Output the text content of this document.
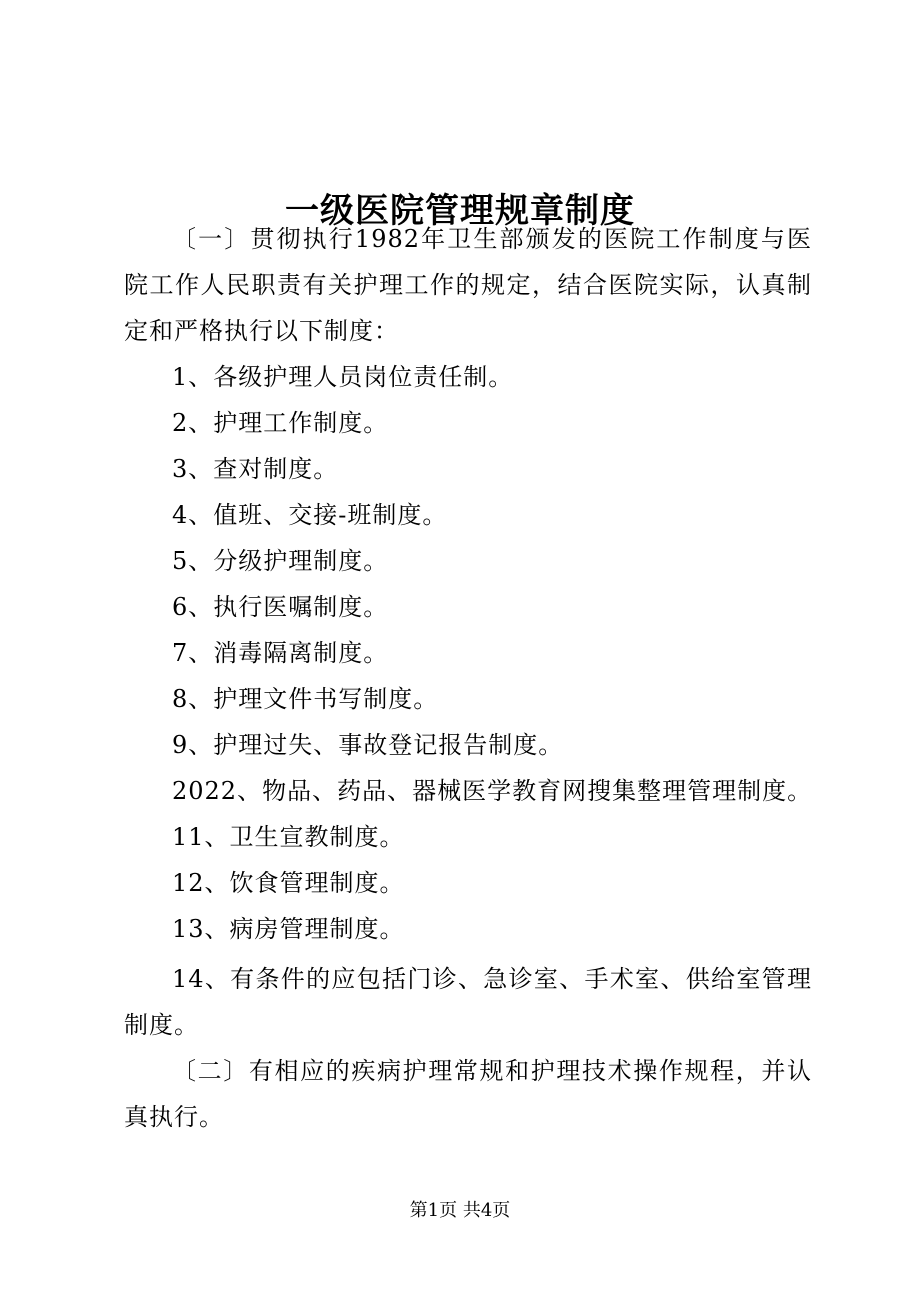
一级医院管理规章制度

〔一〕贯彻执行1982年卫生部颁发的医院工作制度与医院工作人民职责有关护理工作的规定，结合医院实际，认真制定和严格执行以下制度：

1、各级护理人员岗位责任制。

2、护理工作制度。

3、查对制度。

4、值班、交接-班制度。

5、分级护理制度。

6、执行医嘱制度。

7、消毒隔离制度。

8、护理文件书写制度。

9、护理过失、事故登记报告制度。

2022、物品、药品、器械医学教育网搜集整理管理制度。

11、卫生宣教制度。

12、饮食管理制度。

13、病房管理制度。

14、有条件的应包括门诊、急诊室、手术室、供给室管理制度。

〔二〕有相应的疾病护理常规和护理技术操作规程，并认真执行。

第1页 共4页
